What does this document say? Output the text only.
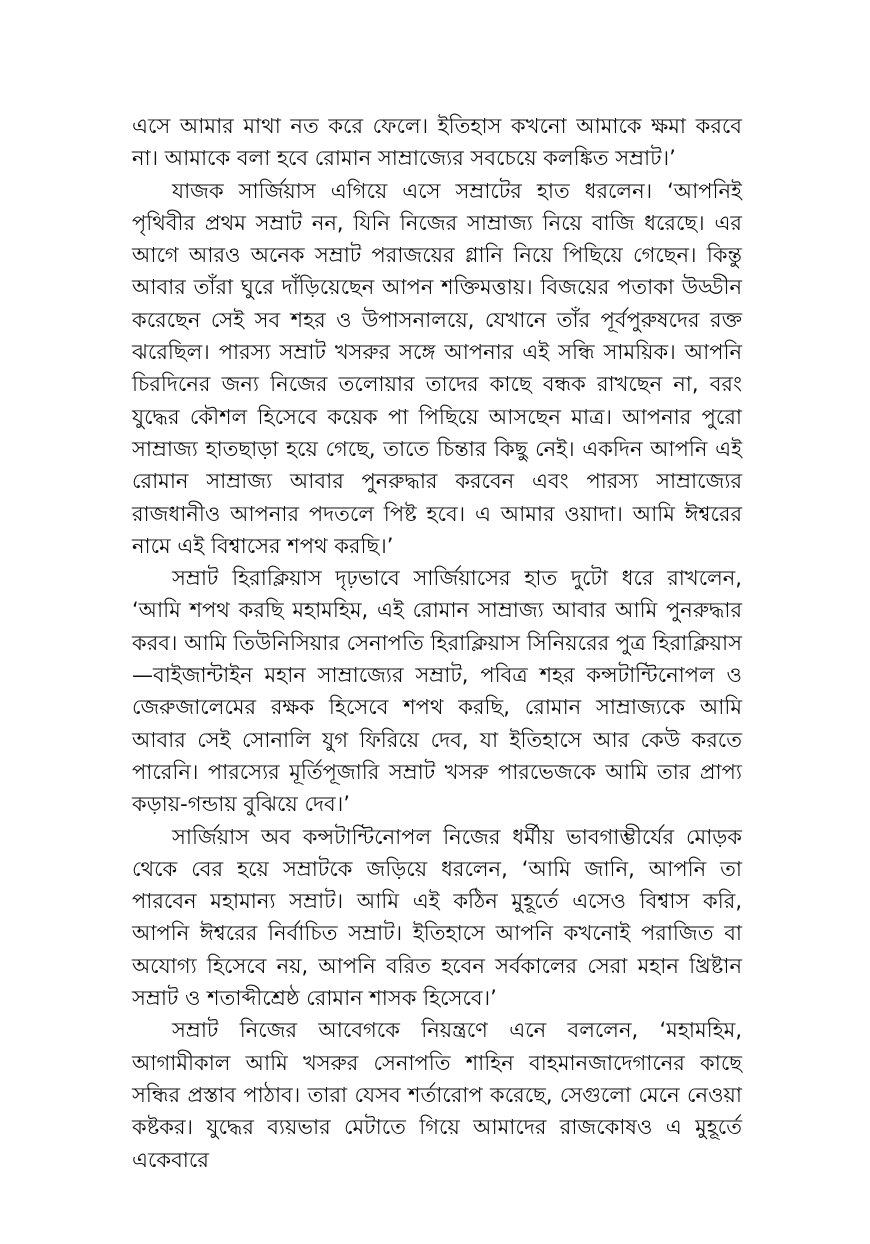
এসে আমার মাথা নত করে ফেলে। ইতিহাস কখনো আমাকে ক্ষমা করবে না। আমাকে বলা হবে রোমান সাম্রাজ্যের সবচেয়ে কলঙ্কিত সম্রাট।’

যাজক সার্জিয়াস এগিয়ে এসে সম্রাটের হাত ধরলেন। ‘আপনিই পৃথিবীর প্রথম সম্রাট নন, যিনি নিজের সাম্রাজ্য নিয়ে বাজি ধরেছে। এর আগে আরও অনেক সম্রাট পরাজয়ের গ্লানি নিয়ে পিছিয়ে গেছেন। কিন্তু আবার তাঁরা ঘুরে দাঁড়িয়েছেন আপন শক্তিমত্তায়। বিজয়ের পতাকা উড্ডীন করেছেন সেই সব শহর ও উপাসনালয়ে, যেখানে তাঁর পূর্বপুরুষদের রক্ত ঝরেছিল। পারস্য সম্রাট খসরুর সঙ্গে আপনার এই সন্ধি সাময়িক। আপনি চিরদিনের জন্য নিজের তলোয়ার তাদের কাছে বন্ধক রাখছেন না, বরং যুদ্ধের কৌশল হিসেবে কয়েক পা পিছিয়ে আসছেন মাত্র। আপনার পুরো সাম্রাজ্য হাতছাড়া হয়ে গেছে, তাতে চিন্তার কিছু নেই। একদিন আপনি এই রোমান সাম্রাজ্য আবার পুনরুদ্ধার করবেন এবং পারস্য সাম্রাজ্যের রাজধানীও আপনার পদতলে পিষ্ট হবে। এ আমার ওয়াদা। আমি ঈশ্বরের নামে এই বিশ্বাসের শপথ করছি।’

সম্রাট হিরাক্লিয়াস দৃঢ়ভাবে সার্জিয়াসের হাত দুটো ধরে রাখলেন, ‘আমি শপথ করছি মহামহিম, এই রোমান সাম্রাজ্য আবার আমি পুনরুদ্ধার করব। আমি তিউনিসিয়ার সেনাপতি হিরাক্লিয়াস সিনিয়রের পুত্র হিরাক্লিয়াস—বাইজান্টাইন মহান সাম্রাজ্যের সম্রাট, পবিত্র শহর কন্সটান্টিনোপল ও জেরুজালেমের রক্ষক হিসেবে শপথ করছি, রোমান সাম্রাজ্যকে আমি আবার সেই সোনালি যুগ ফিরিয়ে দেব, যা ইতিহাসে আর কেউ করতে পারেনি। পারস্যের মূর্তিপূজারি সম্রাট খসরু পারভেজকে আমি তার প্রাপ্য কড়ায়-গন্ডায় বুঝিয়ে দেব।’

সার্জিয়াস অব কন্সটান্টিনোপল নিজের ধর্মীয় ভাবগাম্ভীর্যের মোড়ক থেকে বের হয়ে সম্রাটকে জড়িয়ে ধরলেন, ‘আমি জানি, আপনি তা পারবেন মহামান্য সম্রাট। আমি এই কঠিন মুহূর্তে এসেও বিশ্বাস করি, আপনি ঈশ্বরের নির্বাচিত সম্রাট। ইতিহাসে আপনি কখনোই পরাজিত বা অযোগ্য হিসেবে নয়, আপনি বরিত হবেন সর্বকালের সেরা মহান খ্রিষ্টান সম্রাট ও শতাব্দীশ্রেষ্ঠ রোমান শাসক হিসেবে।’

সম্রাট নিজের আবেগকে নিয়ন্ত্রণে এনে বললেন, ‘মহামহিম, আগামীকাল আমি খসরুর সেনাপতি শাহিন বাহমানজাদেগানের কাছে সন্ধির প্রস্তাব পাঠাব। তারা যেসব শর্তারোপ করেছে, সেগুলো মেনে নেওয়া কষ্টকর। যুদ্ধের ব্যয়ভার মেটাতে গিয়ে আমাদের রাজকোষও এ মুহূর্তে একেবারে
